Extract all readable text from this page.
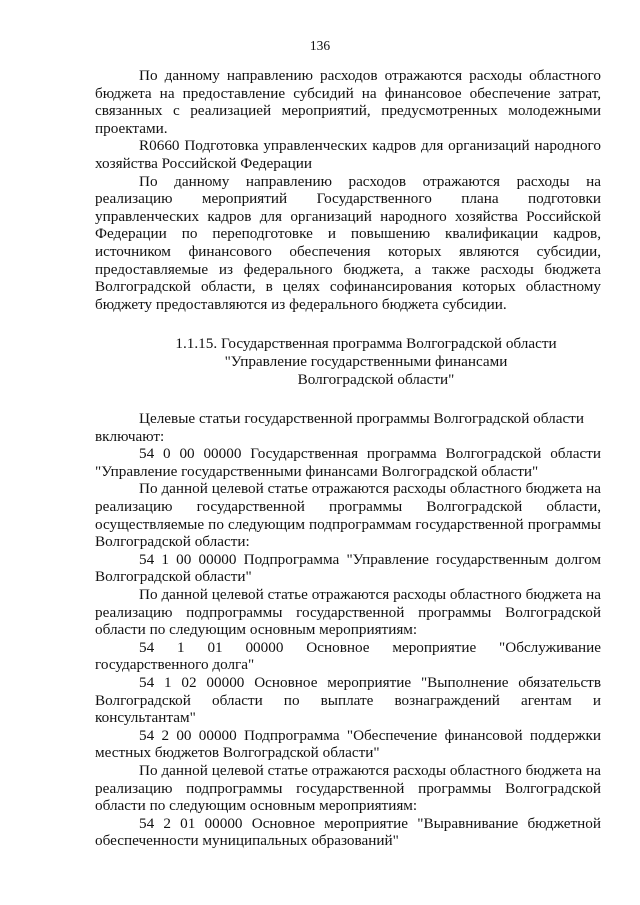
136

По данному направлению расходов отражаются расходы областного бюджета на предоставление субсидий на финансовое обеспечение затрат, связанных с реализацией мероприятий, предусмотренных молодежными проектами.

R0660 Подготовка управленческих кадров для организаций народного хозяйства Российской Федерации

По данному направлению расходов отражаются расходы на реализацию мероприятий Государственного плана подготовки управленческих кадров для организаций народного хозяйства Российской Федерации по переподготовке и повышению квалификации кадров, источником финансового обеспечения которых являются субсидии, предоставляемые из федерального бюджета, а также расходы бюджета Волгоградской области, в целях софинансирования которых областному бюджету предоставляются из федерального бюджета субсидии.

1.1.15. Государственная программа Волгоградской области
"Управление государственными финансами
Волгоградской области"

Целевые статьи государственной программы Волгоградской области включают:

54 0 00 00000 Государственная программа Волгоградской области "Управление государственными финансами Волгоградской области"

По данной целевой статье отражаются расходы областного бюджета на реализацию государственной программы Волгоградской области, осуществляемые по следующим подпрограммам государственной программы Волгоградской области:

54 1 00 00000 Подпрограмма "Управление государственным долгом Волгоградской области"

По данной целевой статье отражаются расходы областного бюджета на реализацию подпрограммы государственной программы Волгоградской области по следующим основным мероприятиям:

54 1 01 00000 Основное мероприятие "Обслуживание государственного долга"

54 1 02 00000 Основное мероприятие "Выполнение обязательств Волгоградской области по выплате вознаграждений агентам и консультантам"

54 2 00 00000 Подпрограмма "Обеспечение финансовой поддержки местных бюджетов Волгоградской области"

По данной целевой статье отражаются расходы областного бюджета на реализацию подпрограммы государственной программы Волгоградской области по следующим основным мероприятиям:

54 2 01 00000 Основное мероприятие "Выравнивание бюджетной обеспеченности муниципальных образований"
